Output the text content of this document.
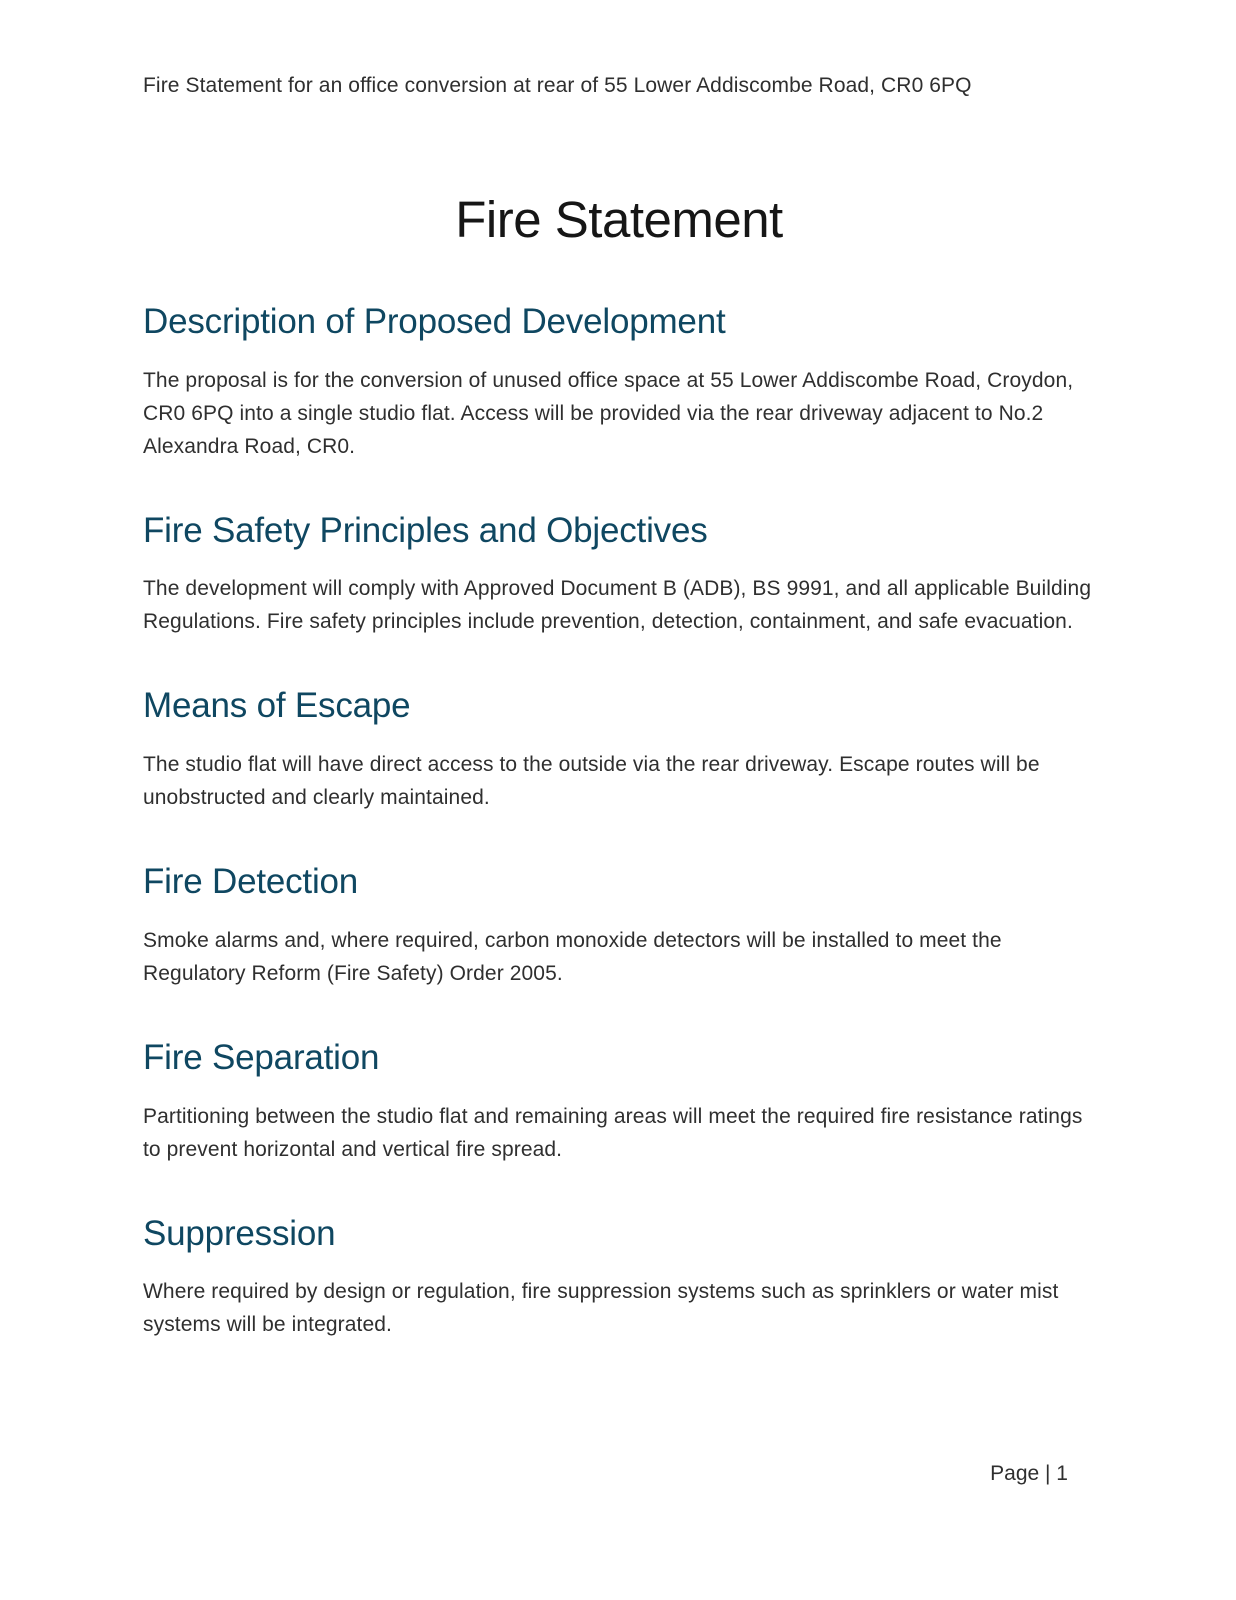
Fire Statement for an office conversion at rear of 55 Lower Addiscombe Road, CR0 6PQ
Fire Statement
Description of Proposed Development

The proposal is for the conversion of unused office space at 55 Lower Addiscombe Road, Croydon, CR0 6PQ into a single studio flat. Access will be provided via the rear driveway adjacent to No.2 Alexandra Road, CR0.

Fire Safety Principles and Objectives

The development will comply with Approved Document B (ADB), BS 9991, and all applicable Building Regulations. Fire safety principles include prevention, detection, containment, and safe evacuation.

Means of Escape

The studio flat will have direct access to the outside via the rear driveway. Escape routes will be unobstructed and clearly maintained.

Fire Detection

Smoke alarms and, where required, carbon monoxide detectors will be installed to meet the Regulatory Reform (Fire Safety) Order 2005.

Fire Separation

Partitioning between the studio flat and remaining areas will meet the required fire resistance ratings to prevent horizontal and vertical fire spread.

Suppression

Where required by design or regulation, fire suppression systems such as sprinklers or water mist systems will be integrated.

Page | 1
